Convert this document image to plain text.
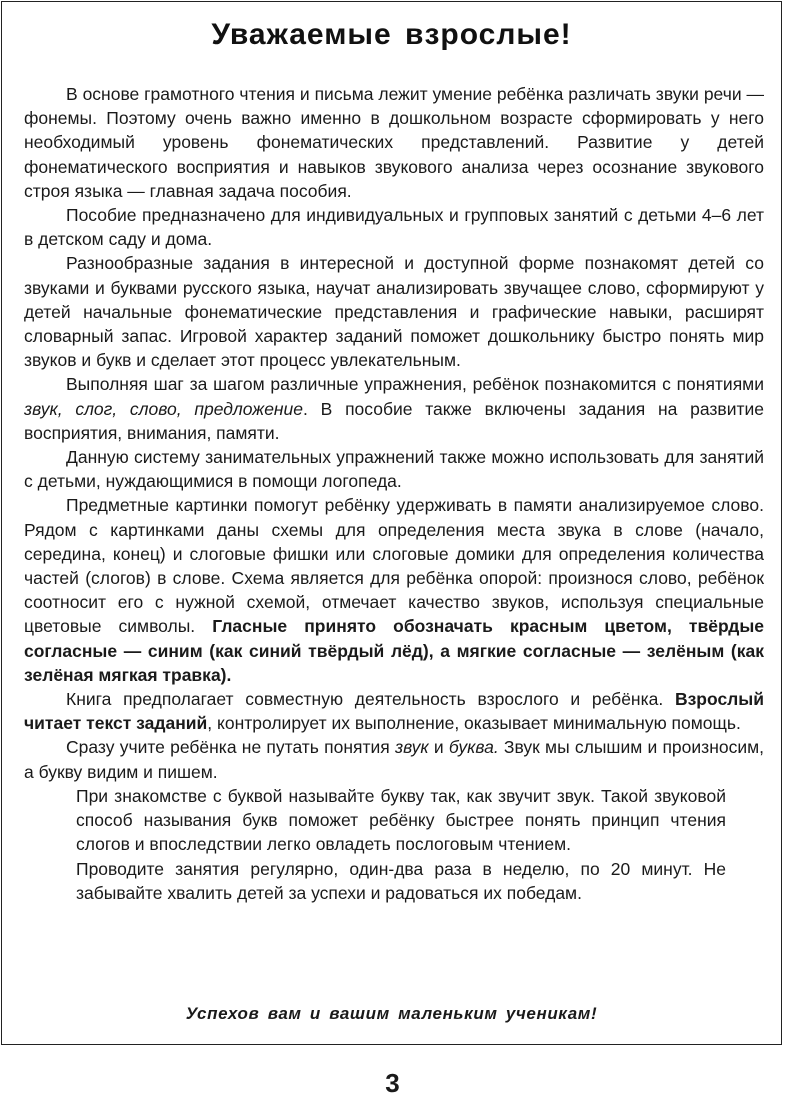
Уважаемые взрослые!

В основе грамотного чтения и письма лежит умение ребёнка различать звуки речи — фонемы. Поэтому очень важно именно в дошкольном возрасте сформировать у него необходимый уровень фонематических представлений. Развитие у детей фонематического восприятия и навыков звукового анализа через осознание звукового строя языка — главная задача пособия.

Пособие предназначено для индивидуальных и групповых занятий с детьми 4–6 лет в детском саду и дома.

Разнообразные задания в интересной и доступной форме познакомят детей со звуками и буквами русского языка, научат анализировать звучащее слово, сформируют у детей начальные фонематические представления и графические навыки, расширят словарный запас. Игровой характер заданий поможет дошкольнику быстро понять мир звуков и букв и сделает этот процесс увлекательным.

Выполняя шаг за шагом различные упражнения, ребёнок познакомится с понятиями звук, слог, слово, предложение. В пособие также включены задания на развитие восприятия, внимания, памяти.

Данную систему занимательных упражнений также можно использовать для занятий с детьми, нуждающимися в помощи логопеда.

Предметные картинки помогут ребёнку удерживать в памяти анализируемое слово. Рядом с картинками даны схемы для определения места звука в слове (начало, середина, конец) и слоговые фишки или слоговые домики для определения количества частей (слогов) в слове. Схема является для ребёнка опорой: произнося слово, ребёнок соотносит его с нужной схемой, отмечает качество звуков, используя специальные цветовые символы. Гласные принято обозначать красным цветом, твёрдые согласные — синим (как синий твёрдый лёд), а мягкие согласные — зелёным (как зелёная мягкая травка).

Книга предполагает совместную деятельность взрослого и ребёнка. Взрослый читает текст заданий, контролирует их выполнение, оказывает минимальную помощь.

Сразу учите ребёнка не путать понятия звук и буква. Звук мы слышим и произносим, а букву видим и пишем.

При знакомстве с буквой называйте букву так, как звучит звук. Такой звуковой способ называния букв поможет ребёнку быстрее понять принцип чтения слогов и впоследствии легко овладеть послоговым чтением.

Проводите занятия регулярно, один-два раза в неделю, по 20 минут. Не забывайте хвалить детей за успехи и радоваться их победам.

Успехов вам и вашим маленьким ученикам!

3
